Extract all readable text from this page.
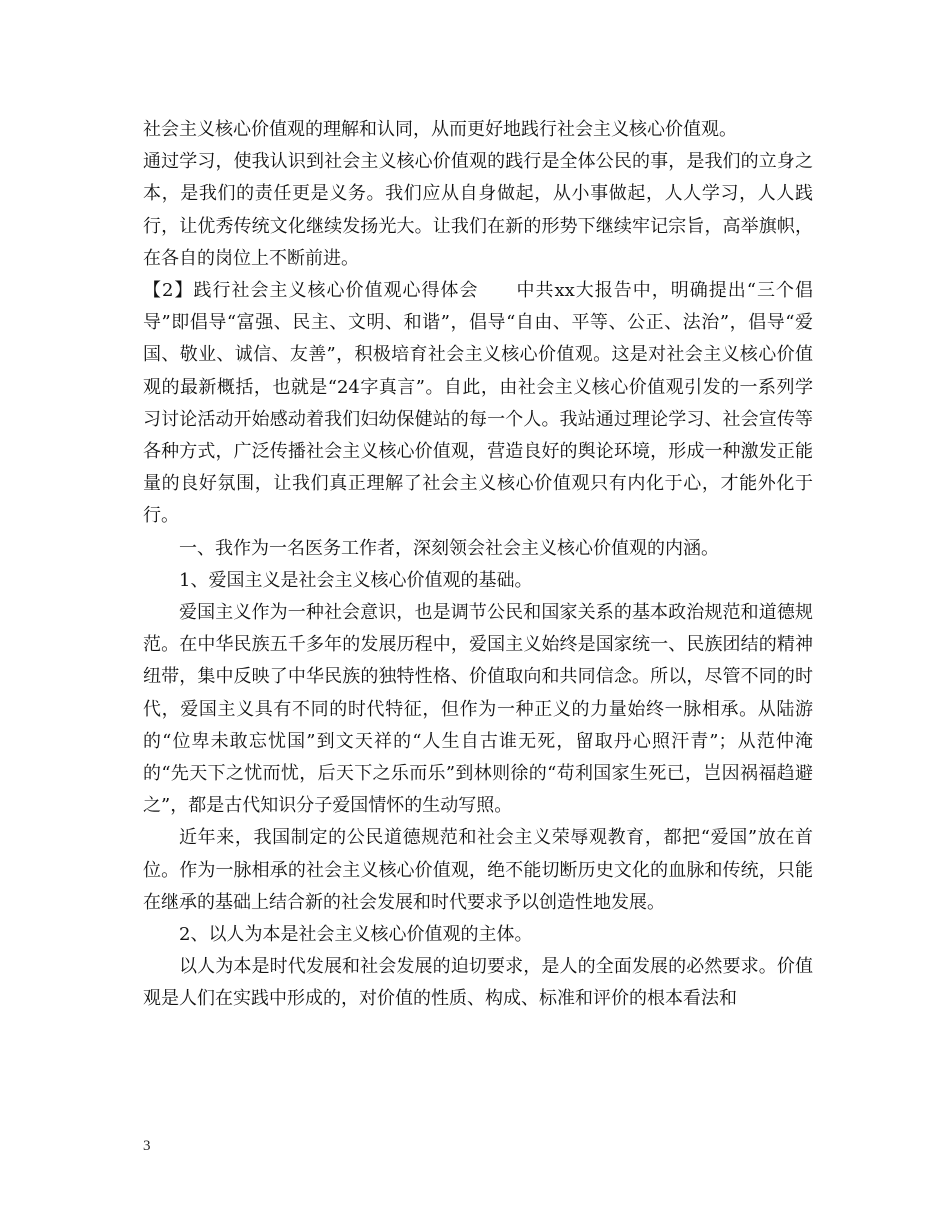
社会主义核心价值观的理解和认同，从而更好地践行社会主义核心价值观。

通过学习，使我认识到社会主义核心价值观的践行是全体公民的事，是我们的立身之本，是我们的责任更是义务。我们应从自身做起，从小事做起，人人学习，人人践行，让优秀传统文化继续发扬光大。让我们在新的形势下继续牢记宗旨，高举旗帜，在各自的岗位上不断前进。

【2】践行社会主义核心价值观心得体会　　中共xx大报告中，明确提出“三个倡导”即倡导“富强、民主、文明、和谐”，倡导“自由、平等、公正、法治”，倡导“爱国、敬业、诚信、友善”，积极培育社会主义核心价值观。这是对社会主义核心价值观的最新概括，也就是“24字真言”。自此，由社会主义核心价值观引发的一系列学习讨论活动开始感动着我们妇幼保健站的每一个人。我站通过理论学习、社会宣传等各种方式，广泛传播社会主义核心价值观，营造良好的舆论环境，形成一种激发正能量的良好氛围，让我们真正理解了社会主义核心价值观只有内化于心，才能外化于行。

一、我作为一名医务工作者，深刻领会社会主义核心价值观的内涵。

1、爱国主义是社会主义核心价值观的基础。

爱国主义作为一种社会意识，也是调节公民和国家关系的基本政治规范和道德规范。在中华民族五千多年的发展历程中，爱国主义始终是国家统一、民族团结的精神纽带，集中反映了中华民族的独特性格、价值取向和共同信念。所以，尽管不同的时代，爱国主义具有不同的时代特征，但作为一种正义的力量始终一脉相承。从陆游的“位卑未敢忘忧国”到文天祥的“人生自古谁无死，留取丹心照汗青”；从范仲淹的“先天下之忧而忧，后天下之乐而乐”到林则徐的“苟利国家生死已，岂因祸福趋避之”，都是古代知识分子爱国情怀的生动写照。

近年来，我国制定的公民道德规范和社会主义荣辱观教育，都把“爱国”放在首位。作为一脉相承的社会主义核心价值观，绝不能切断历史文化的血脉和传统，只能在继承的基础上结合新的社会发展和时代要求予以创造性地发展。

2、以人为本是社会主义核心价值观的主体。

以人为本是时代发展和社会发展的迫切要求，是人的全面发展的必然要求。价值观是人们在实践中形成的，对价值的性质、构成、标准和评价的根本看法和

3
